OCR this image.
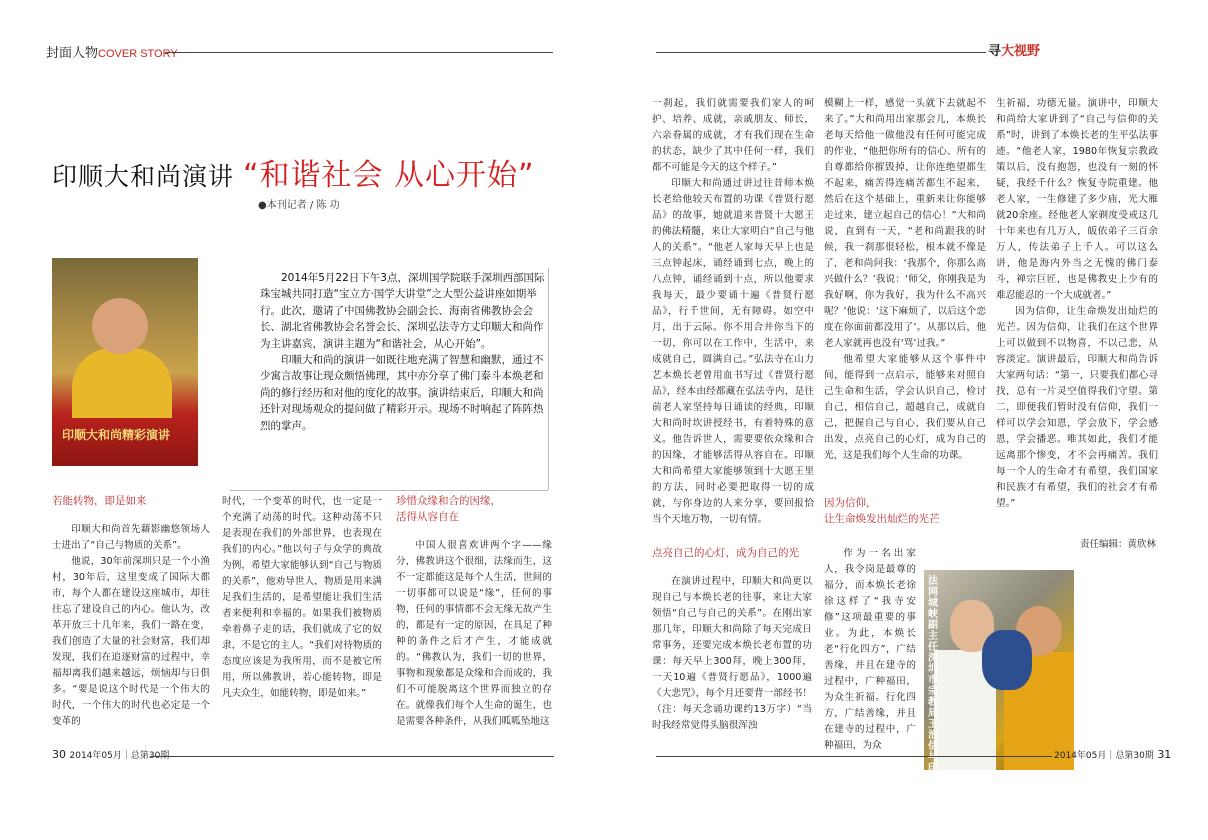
封面人物COVER STORY	寻大视野
印顺大和尚演讲 “和谐社会 从心开始”
●本刊记者 / 陈 功
印顺大和尚精彩演讲

2014年5月22日下午3点，深圳国学院联手深圳西部国际珠宝城共同打造“宝立方·国学大讲堂”之大型公益讲座如期举行。此次，邀请了中国佛教协会副会长、海南省佛教协会会长、湖北省佛教协会名誉会长、深圳弘法寺方丈印顺大和尚作为主讲嘉宾，演讲主题为“和谐社会，从心开始”。

印顺大和尚的演讲一如既往地充满了智慧和幽默，通过不少寓言故事让现众颇悟佛理，其中亦分享了佛门泰斗本焕老和尚的修行经历和对他的度化的故事。演讲结束后，印顺大和尚还针对现场观众的提问做了精彩开示。现场不时响起了阵阵热烈的掌声。

若能转物，即是如来

印顺大和尚首先藉影幽悠领场人士进出了“自己与物质的关系”。

他说，30年前深圳只是一个小渔村，30年后，这里变成了国际大都市，每个人都在建设这座城市，却往往忘了建设自己的内心。他认为，改革开放三十几年来，我们一路在变，我们创造了大量的社会财富，我们却发现，我们在追逐财富的过程中，幸福却离我们越来越远，烦恼却与日俱多。“要是说这个时代是一个伟大的时代，一个伟大的时代也必定是一个变革的

时代，一个变革的时代，也一定是一个充满了动荡的时代。这种动荡不只是表现在我们的外部世界，也表现在我们的内心。”他以句子与众学的典故为例，希望大家能够认到“自己与物质的关系”，他劝导世人，物质是用来满足我们生活的，是希望能让我们生活者来便利和幸福的。如果我们被物质牵着鼻子走的话，我们就成了它的奴隶，不是它的主人。“我们对待物质的态度应该是为我所用，而不是被它所用，所以佛教讲，若心能转物，即是凡夫众生，如能转物，即是如来。”

珍惜众缘和合的因缘，
活得从容自在

中国人很喜欢讲两个字——缘分，佛教讲这个很细，法缘而生，这不一定都能这是每个人生活，世间的一切事都可以说是“缘”，任何的事物，任何的事情都不会无缘无故产生的，都是有一定的原因，在具足了种种的条件之后才产生，才能成就的。“佛教认为，我们一切的世界，事物和现象都是众缘和合而成的，我们不可能脱离这个世界而独立的存在。就像我们每个人生命的诞生，也是需要各种条件，从我们呱呱坠地这

一刹起，我们就需要我们家人的呵护、培养、成就，亲戚朋友、师长，六亲眷属的成就，才有我们现在生命的状态，缺少了其中任何一样，我们都不可能是今天的这个样子。”

印顺大和尚通过讲过往昔师本焕长老给他较天布置的功课《普贤行愿品》的故事，她就道来普贤十大愿王的佛法精髓，来让大家明白“自己与他人的关系”。“他老人家每天早上也是三点钟起床，诵经诵到七点，晚上的八点钟，诵经诵到十点，所以他要求我每天，最少要诵十遍《普贤行愿品》，行千世间，无有障碍。如空中月，出于云际。你不用合并你当下的一切，你可以在工作中，生活中，来成就自己，圆满自己。”弘法寺在山力艺本焕长老曾用血书写过《普贤行愿品》，经本由经都藏在弘法寺内，是往前老人家坚持每日诵读的经典，印顺大和尚时坎讲授经书，有着特殊的意义。他告诉世人，需要要依众缘和合的因缘，才能够活得从容自在。印顺大和尚希望大家能够领到十大愿王里的方法，同时必要把取得一切的成就，与你身边的人来分享，要回报恰当个天地万物，一切有情。

模糊上一样，感觉一头就下去就起不来了。”大和尚用出家那会儿，本焕长老每天给他一做他没有任何可能完成的作业，“他把你所有的信心、所有的自尊都给你摧毁掉，让你连绝望都生不起来，痛苦得连痛苦都生不起来，然后在这个基础上，重新来让你能够走过来，建立起自己的信心！”大和尚说，直到有一天，“老和尚跟我的时候，我一刹那很轻松，根本就不像是了，老和尚问我：‘我那个，你那么高兴做什么？’我说：‘师父，你刚我是为我好啊，你为我好，我为什么不高兴呢？’他说：‘这下麻烦了，以后这个恋度在你面前都没用了’。从那以后，他老人家就再也没有‘骂’过我。”

他希望大家能够从这个事件中间，能得到一点启示，能够来对照自己生命和生活，学会认识自己，检讨自己，相信自己，超越自己，成就自己，把握自己与自心，我们要从自己出发，点亮自己的心灯，成为自己的光，这是我们每个人生命的功课。

因为信仰，
让生命焕发出灿烂的光芒

生祈福，功德无量。演讲中，印顺大和尚给大家讲到了“自己与信仰的关系”时，讲到了本焕长老的生平弘法事迹。“他老人家，1980年恢复宗教政策以后，没有抱怨，也没有一刻的怀疑，我经千什么？恢复寺院重建。他老人家，一生修建了多少庙，光大雁就20余座。经他老人家剃度受戒这几十年来也有几万人，皈依弟子三百余万人，传法弟子上千人。可以这么讲，他是海内外当之无愧的佛门泰斗，禅宗巨匠，也是佛教史上少有的难忍能忍的一个大成就者。”

因为信仰，让生命焕发出灿烂的光芒。因为信仰，让我们在这个世界上可以做到不以物喜，不以己悲，从容淡定。演讲最后，印顺大和尚告诉大家两句话：“第一，只要我们都心寻找，总有一片灵空值得我们守望。第二，即便我们暂时没有信仰，我们一样可以学会知恩，学会放下，学会感恩，学会播恶。唯其如此，我们才能远离那个惨变，才不会再痛苦。我们每一个人的生命才有希望，我们国家和民族才有希望，我们的社会才有希望。”

责任编辑：黄欣林
点亮自己的心灯，成为自己的光

在演讲过程中，印顺大和尚更以现自己与本焕长老的往事，来让大家领悟“自己与自己的关系”。在刚出家那几年，印顺大和尚除了每天完成日常事务，还要完成本焕长老布置的功课：每天早上300拜，晚上300拜，一天10遍《普贤行愿品》，1000遍《大悲咒》，每个月还要背一部经书！（注：每天念诵功课约13万字）“当时我经常觉得头脑很浑浊

作为一名出家人，我令岗是最尊的福分，而本焕长老徐徐这样了“我寺安修”这项最重要的事业。为此，本焕长老“行化四方”，广结善缘，并且在建寺的过程中，广种福田，为众生祈福。行化四方，广结善缘，并且在建寺的过程中，广种福田，为众

法网城峡副主任深圳市宗教局王治信与印顺大和尚合影
30 2014年05月｜总第30期	2014年05月｜总第30期 31
